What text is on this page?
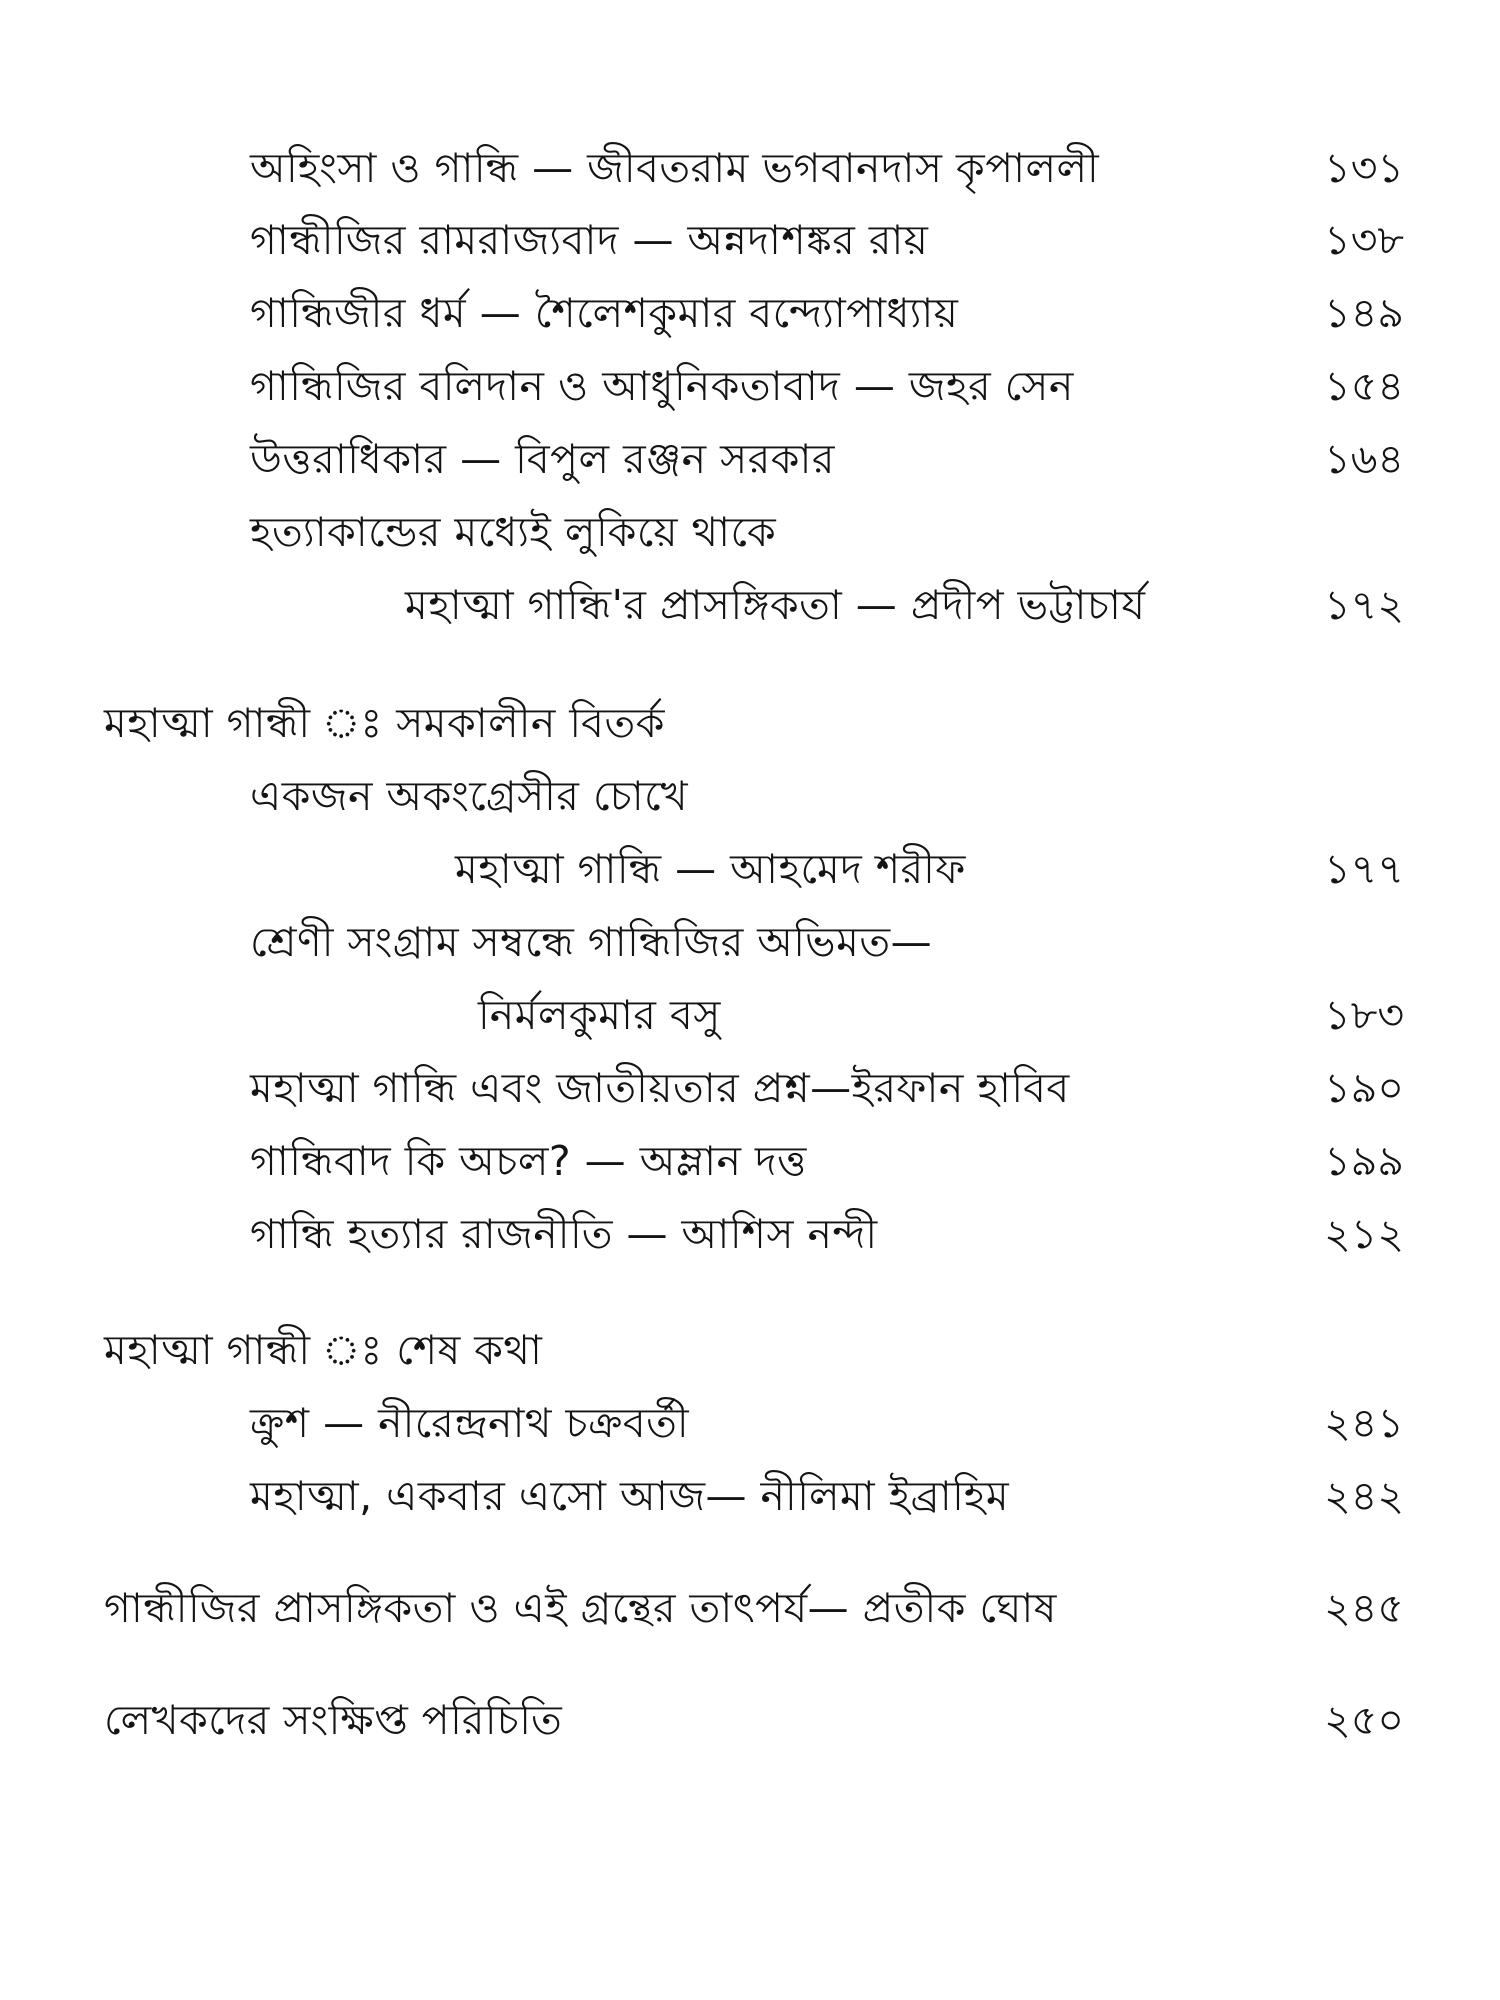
অহিংসা ও গান্ধি — জীবতরাম ভগবানদাস কৃপাললী	১৩১
গান্ধীজির রামরাজ্যবাদ — অন্নদাশঙ্কর রায়	১৩৮
গান্ধিজীর ধর্ম — শৈলেশকুমার বন্দ্যোপাধ্যায়	১৪৯
গান্ধিজির বলিদান ও আধুনিকতাবাদ — জহর সেন	১৫৪
উত্তরাধিকার — বিপুল রঞ্জন সরকার	১৬৪
হত্যাকান্ডের মধ্যেই লুকিয়ে থাকে
মহাত্মা গান্ধি'র প্রাসঙ্গিকতা — প্রদীপ ভট্টাচার্য	১৭২
মহাত্মা গান্ধী ঃ সমকালীন বিতর্ক
একজন অকংগ্রেসীর চোখে
মহাত্মা গান্ধি — আহমেদ শরীফ	১৭৭
শ্রেণী সংগ্রাম সম্বন্ধে গান্ধিজির অভিমত—
নির্মলকুমার বসু	১৮৩
মহাত্মা গান্ধি এবং জাতীয়তার প্রশ্ন—ইরফান হাবিব	১৯০
গান্ধিবাদ কি অচল? — অম্লান দত্ত	১৯৯
গান্ধি হত্যার রাজনীতি — আশিস নন্দী	২১২
মহাত্মা গান্ধী ঃ শেষ কথা
ক্রুশ — নীরেন্দ্রনাথ চক্রবর্তী	২৪১
মহাত্মা, একবার এসো আজ— নীলিমা ইব্রাহিম	২৪২
গান্ধীজির প্রাসঙ্গিকতা ও এই গ্রন্থের তাৎপর্য— প্রতীক ঘোষ	২৪৫
লেখকদের সংক্ষিপ্ত পরিচিতি	২৫০
